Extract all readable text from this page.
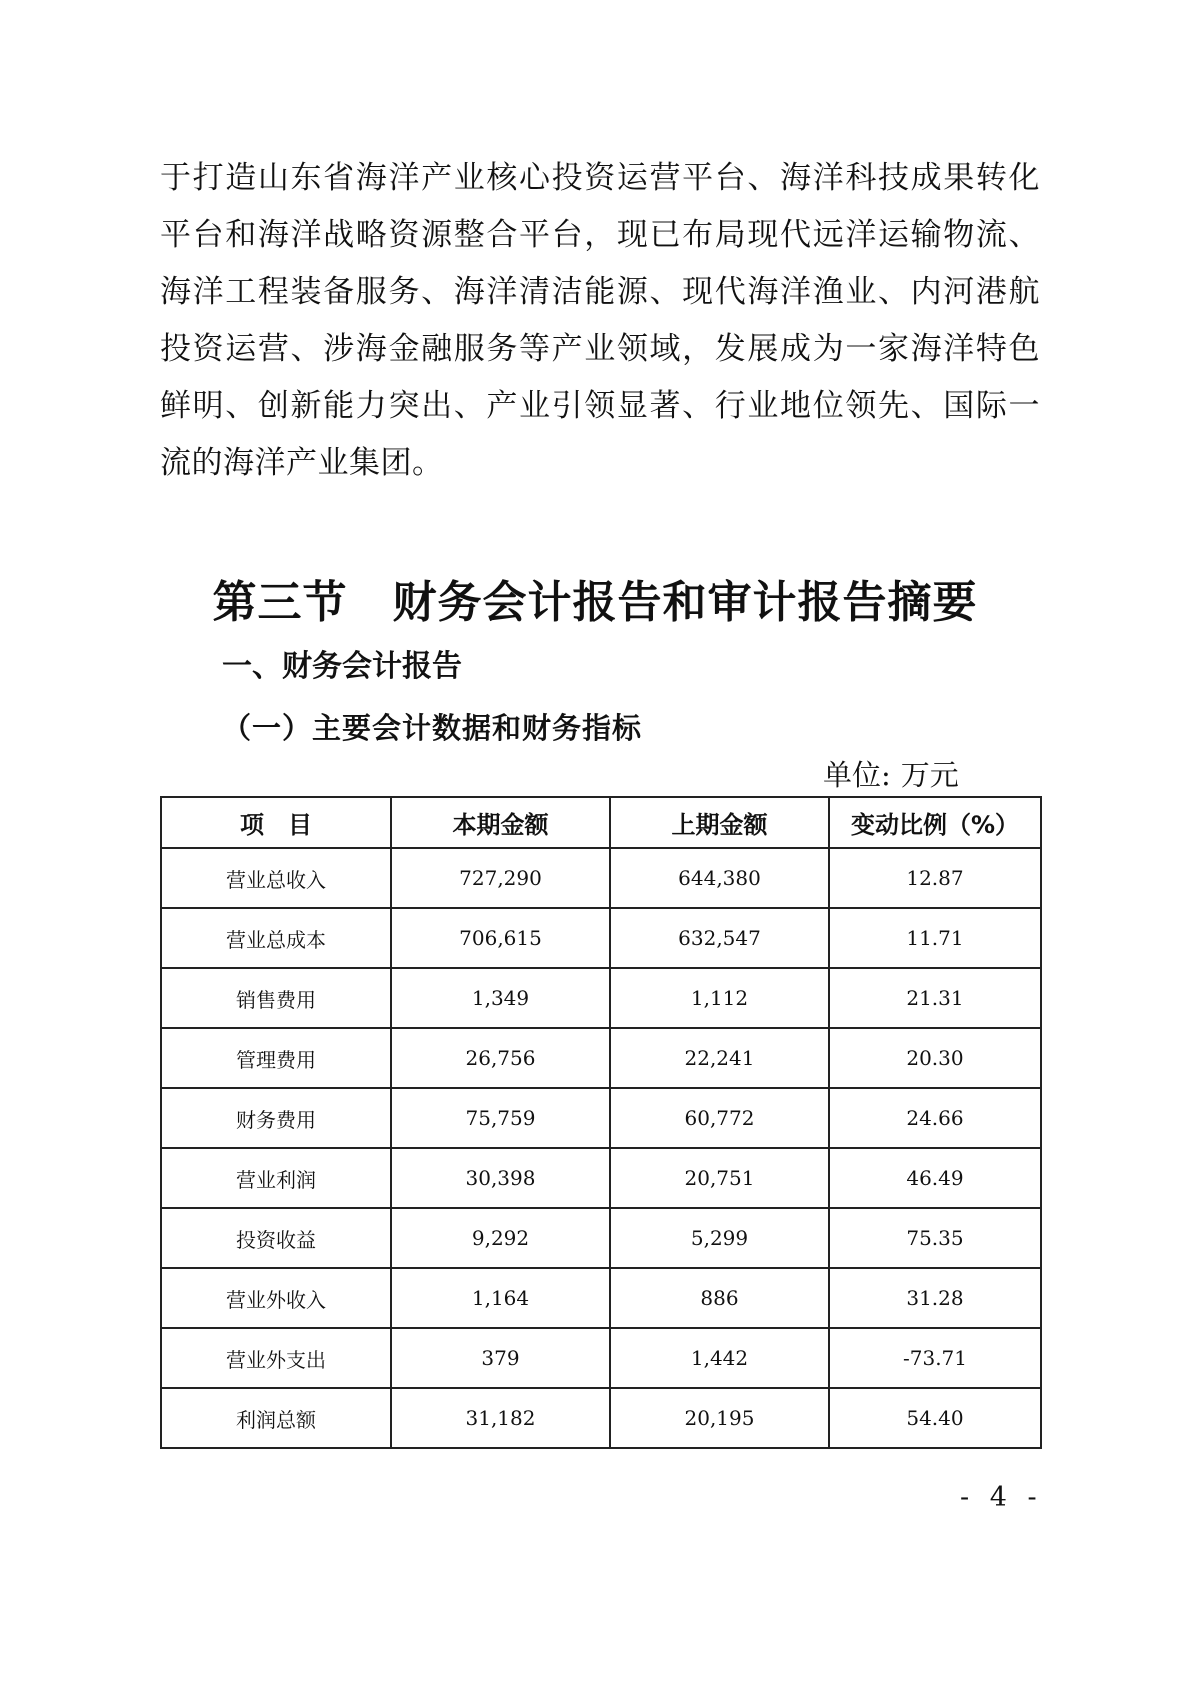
于打造山东省海洋产业核心投资运营平台、海洋科技成果转化平台和海洋战略资源整合平台，现已布局现代远洋运输物流、海洋工程装备服务、海洋清洁能源、现代海洋渔业、内河港航投资运营、涉海金融服务等产业领域，发展成为一家海洋特色鲜明、创新能力突出、产业引领显著、行业地位领先、国际一流的海洋产业集团。

第三节　财务会计报告和审计报告摘要
一、财务会计报告
（一）主要会计数据和财务指标

单位: 万元

项　目	本期金额	上期金额	变动比例（%）
营业总收入	727,290	644,380	12.87
营业总成本	706,615	632,547	11.71
销售费用	1,349	1,112	21.31
管理费用	26,756	22,241	20.30
财务费用	75,759	60,772	24.66
营业利润	30,398	20,751	46.49
投资收益	9,292	5,299	75.35
营业外收入	1,164	886	31.28
营业外支出	379	1,442	-73.71
利润总额	31,182	20,195	54.40
- 4 -
